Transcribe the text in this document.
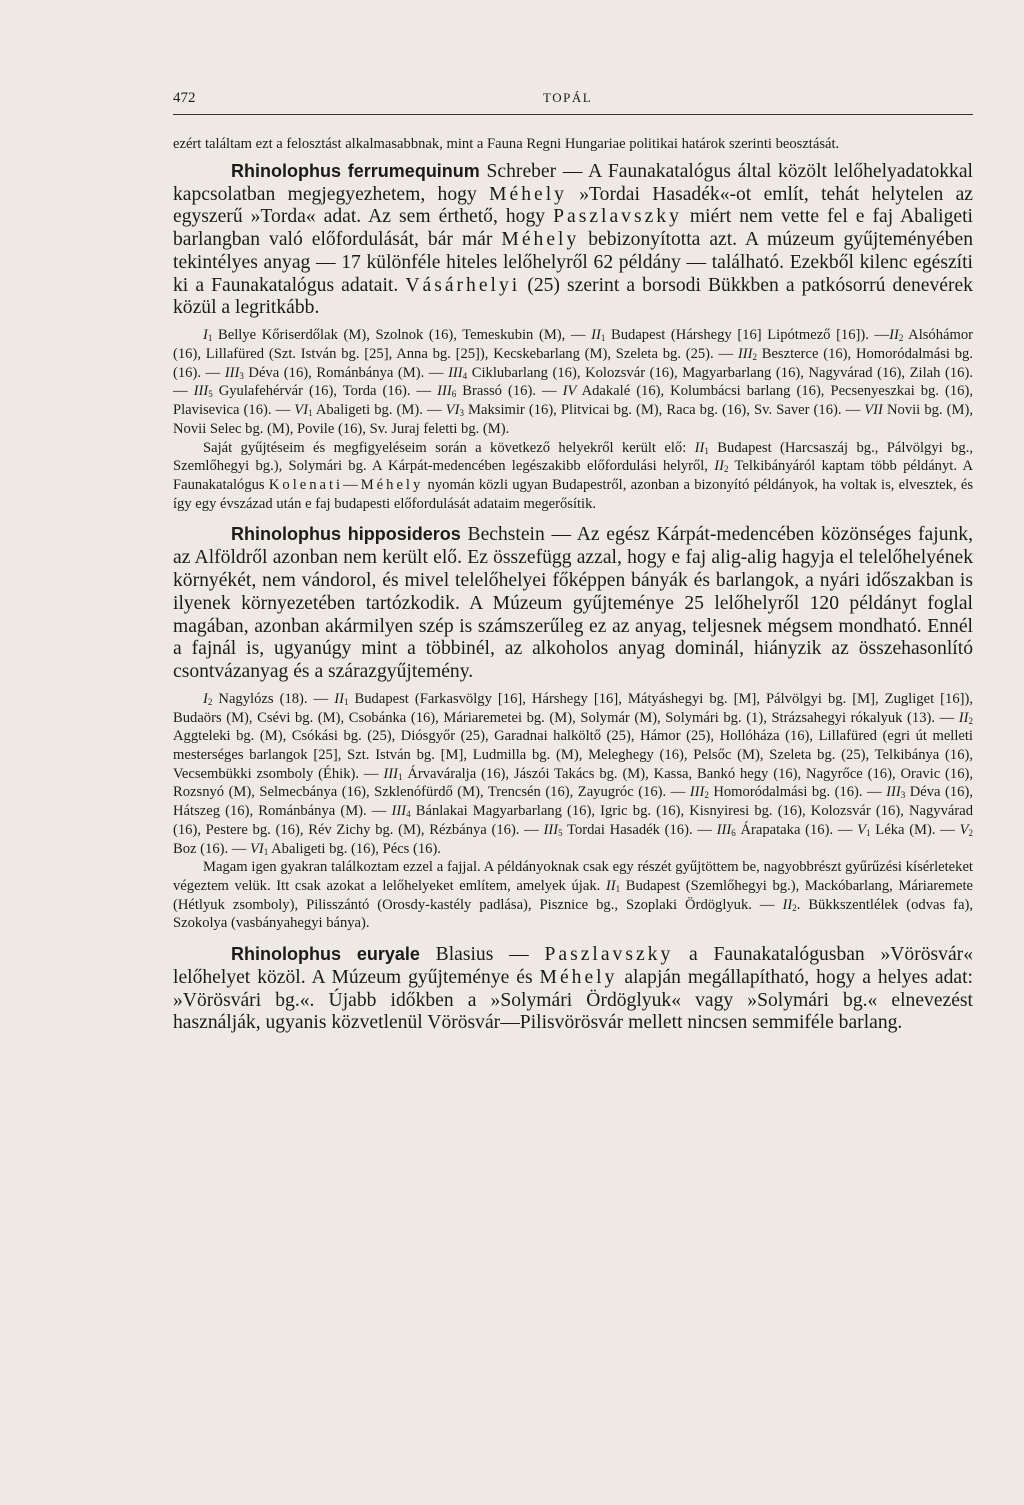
472	TOPÁL

ezért találtam ezt a felosztást alkalmasabbnak, mint a Fauna Regni Hungariae politikai határok szerinti beosztását.

Rhinolophus ferrumequinum Schreber — A Faunakatalógus által közölt lelőhelyadatokkal kapcsolatban megjegyezhetem, hogy Méhely »Tordai Hasadék«-ot említ, tehát helytelen az egyszerű »Torda« adat. Az sem érthető, hogy Paszlavszky miért nem vette fel e faj Abaligeti barlangban való előfordulását, bár már Méhely bebizonyította azt. A múzeum gyűjteményében tekintélyes anyag — 17 különféle hiteles lelőhelyről 62 példány — található. Ezekből kilenc egészíti ki a Faunakatalógus adatait. Vásárhelyi (25) szerint a borsodi Bükkben a patkósorrú denevérek közül a legritkább.

$I_1$ Bellye Kőriserdőlak (M), Szolnok (16), Temeskubin (M), — $II_1$ Budapest (Hárshegy [16] Lipótmező [16]). $—II_2$ Alsóhámor (16), Lillafüred (Szt. István bg. [25], Anna bg. [25]), Kecskebarlang (M), Szeleta bg. (25). — $III_2$ Beszterce (16), Homoródalmási bg. (16). — $III_3$ Déva (16), Románbánya (M). — $III_4$ Ciklubarlang (16), Kolozsvár (16), Magyarbarlang (16), Nagyvárad (16), Zilah (16). — $III_5$ Gyulafehérvár (16), Torda (16). — $III_6$ Brassó (16). — IV Adakalé (16), Kolumbácsi barlang (16), Pecsenyeszkai bg. (16), Plavisevica (16). — $VI_1$ Abaligeti bg. (M). — $VI_3$ Maksimir (16), Plitvicai bg. (M), Raca bg. (16), Sv. Saver (16). — VII Novii bg. (M), Novii Selec bg. (M), Povile (16), Sv. Juraj feletti bg. (M).

Saját gyűjtéseim és megfigyeléseim során a következő helyekről került elő: $II_1$ Budapest (Harcsaszáj bg., Pálvölgyi bg., Szemlőhegyi bg.), Solymári bg. A Kárpát-medencében legészakibb előfordulási helyről, $II_2$ Telkibányáról kaptam több példányt. A Faunakatalógus Kolenati—Méhely nyomán közli ugyan Budapestről, azonban a bizonyító példányok, ha voltak is, elvesztek, és így egy évszázad után e faj budapesti előfordulását adataim megerősítik.

Rhinolophus hipposideros Bechstein — Az egész Kárpát-medencében közönséges fajunk, az Alföldről azonban nem került elő. Ez összefügg azzal, hogy e faj alig-alig hagyja el telelőhelyének környékét, nem vándorol, és mivel telelőhelyei főképpen bányák és barlangok, a nyári időszakban is ilyenek környezetében tartózkodik. A Múzeum gyűjteménye 25 lelőhelyről 120 példányt foglal magában, azonban akármilyen szép is számszerűleg ez az anyag, teljesnek mégsem mondható. Ennél a fajnál is, ugyanúgy mint a többinél, az alkoholos anyag dominál, hiányzik az összehasonlító csontvázanyag és a szárazgyűjtemény.

$I_2$ Nagylózs (18). — $II_1$ Budapest (Farkasvölgy [16], Hárshegy [16], Mátyáshegyi bg. [M], Pálvölgyi bg. [M], Zugliget [16]), Budaörs (M), Csévi bg. (M), Csobánka (16), Máriaremetei bg. (M), Solymár (M), Solymári bg. (1), Strázsahegyi rókalyuk (13). — $II_2$ Aggteleki bg. (M), Csókási bg. (25), Diósgyőr (25), Garadnai halköltő (25), Hámor (25), Hollóháza (16), Lillafüred (egri út melleti mesterséges barlangok [25], Szt. István bg. [M], Ludmilla bg. (M), Meleghegy (16), Pelsőc (M), Szeleta bg. (25), Telkibánya (16), Vecsembükki zsomboly (Éhik). — $III_1$ Árvaváralja (16), Jászói Takács bg. (M), Kassa, Bankó hegy (16), Nagyrőce (16), Oravic (16), Rozsnyó (M), Selmecbánya (16), Szklenófürdő (M), Trencsén (16), Zayugróc (16). — $III_2$ Homoródalmási bg. (16). — $III_3$ Déva (16), Hátszeg (16), Románbánya (M). — $III_4$ Bánlakai Magyarbarlang (16), Igric bg. (16), Kisnyiresi bg. (16), Kolozsvár (16), Nagyvárad (16), Pestere bg. (16), Rév Zichy bg. (M), Rézbánya (16). — $III_5$ Tordai Hasadék (16). — $III_6$ Árapataka (16). — $V_1$ Léka (M). — $V_2$ Boz (16). — $VI_1$ Abaligeti bg. (16), Pécs (16).

Magam igen gyakran találkoztam ezzel a fajjal. A példányoknak csak egy részét gyűjtöttem be, nagyobbrészt gyűrűzési kísérleteket végeztem velük. Itt csak azokat a lelőhelyeket említem, amelyek újak. $II_1$ Budapest (Szemlőhegyi bg.), Mackóbarlang, Máriaremete (Hétlyuk zsomboly), Pilisszántó (Orosdy-kastély padlása), Pisznice bg., Szoplaki Ördöglyuk. — $II_2$. Bükkszentlélek (odvas fa), Szokolya (vasbányahegyi bánya).

Rhinolophus euryale Blasius — Paszlavszky a Faunakatalógusban »Vörösvár« lelőhelyet közöl. A Múzeum gyűjteménye és Méhely alapján megállapítható, hogy a helyes adat: »Vörösvári bg.«. Újabb időkben a »Solymári Ördöglyuk« vagy »Solymári bg.« elnevezést használják, ugyanis közvetlenül Vörösvár—Pilisvörösvár mellett nincsen semmiféle barlang.
